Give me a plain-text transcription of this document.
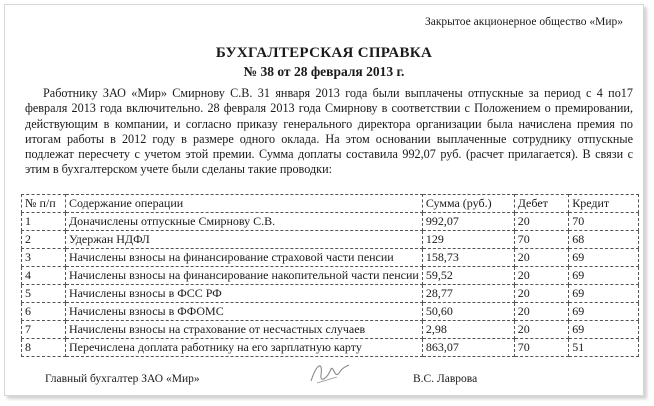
Закрытое акционерное общество «Мир»
БУХГАЛТЕРСКАЯ СПРАВКА
№ 38 от 28 февраля 2013 г.

Работнику ЗАО «Мир» Смирнову С.В. 31 января 2013 года были выплачены отпускные за период с 4 по17 февраля 2013 года включительно. 28 февраля 2013 года Смирнову в соответствии с Положением о премировании, действующим в компании, и согласно приказу генерального директора организации была начислена премия по итогам работы в 2012 году в размере одного оклада. На этом основании выплаченные сотруднику отпускные подлежат пересчету с учетом этой премии. Сумма доплаты составила 992,07 руб. (расчет прилагается). В связи с этим в бухгалтерском учете были сделаны такие проводки:

№ п/п	Содержание операции	Сумма (руб.)	Дебет	Кредит
1	Доначислены отпускные Смирнову С.В.	992,07	20	70
2	Удержан НДФЛ	129	70	68
3	Начислены взносы на финансирование страховой части пенсии	158,73	20	69
4	Начислены взносы на финансирование накопительной части пенсии	59,52	20	69
5	Начислены взносы в ФСС РФ	28,77	20	69
6	Начислены взносы в ФФОМС	50,60	20	69
7	Начислены взносы на страхование от несчастных случаев	2,98	20	69
8	Перечислена доплата работнику на его зарплатную карту	863,07	70	51
Главный бухгалтер ЗАО «Мир»	В.С. Лаврова
